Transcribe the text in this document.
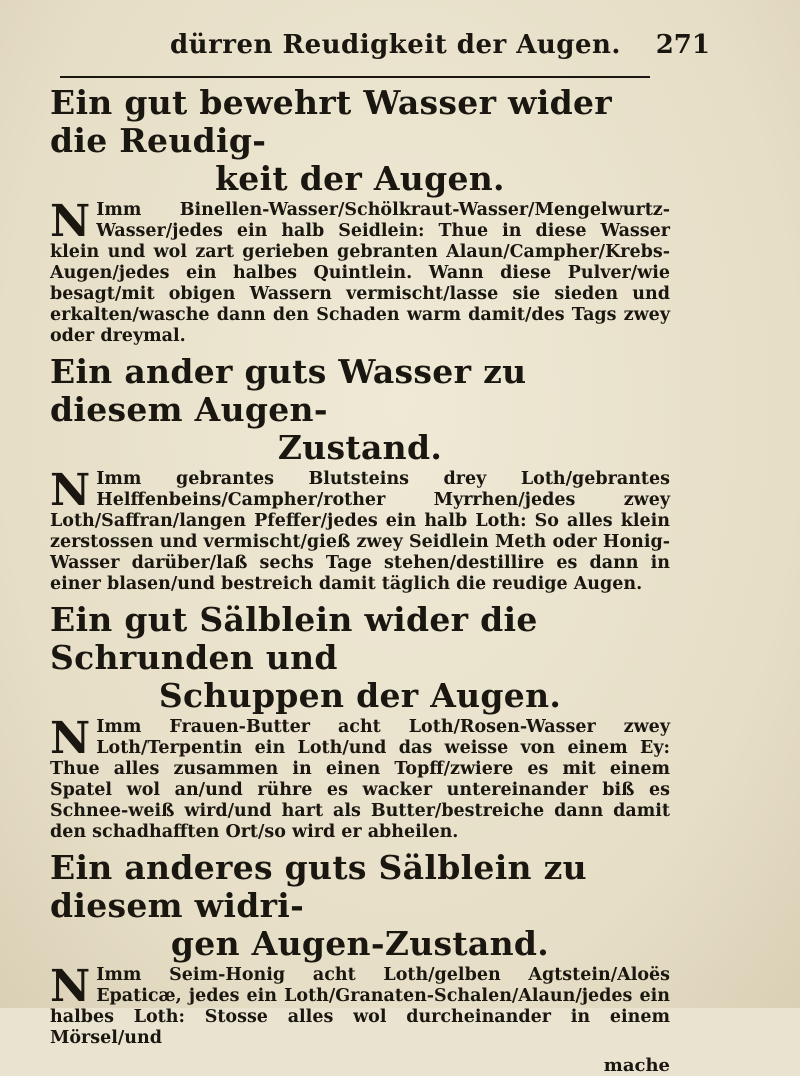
dürren Reudigkeit der Augen. 271
Ein gut bewehrt Wasser wider die Reudig-
keit der Augen.

N Imm Binellen-Wasser/Schölkraut-Wasser/Mengelwurtz-Wasser/jedes ein halb Seidlein: Thue in diese Wasser klein und wol zart gerieben gebranten Alaun/Campher/Krebs-Augen/jedes ein halbes Quintlein. Wann diese Pulver/wie besagt/mit obigen Wassern vermischt/lasse sie sieden und erkalten/wasche dann den Schaden warm damit/des Tags zwey oder dreymal.

Ein ander guts Wasser zu diesem Augen-
Zustand.

N Imm gebrantes Blutsteins drey Loth/gebrantes Helffenbeins/Campher/rother Myrrhen/jedes zwey Loth/Saffran/langen Pfeffer/jedes ein halb Loth: So alles klein zerstossen und vermischt/gieß zwey Seidlein Meth oder Honig-Wasser darüber/laß sechs Tage stehen/destillire es dann in einer blasen/und bestreich damit täglich die reudige Augen.

Ein gut Sälblein wider die Schrunden und
Schuppen der Augen.

N Imm Frauen-Butter acht Loth/Rosen-Wasser zwey Loth/Terpentin ein Loth/und das weisse von einem Ey: Thue alles zusammen in einen Topff/zwiere es mit einem Spatel wol an/und rühre es wacker untereinander biß es Schnee-weiß wird/und hart als Butter/bestreiche dann damit den schadhafften Ort/so wird er abheilen.

Ein anderes guts Sälblein zu diesem widri-
gen Augen-Zustand.

N Imm Seim-Honig acht Loth/gelben Agtstein/Aloës Epaticæ, jedes ein Loth/Granaten-Schalen/Alaun/jedes ein halbes Loth: Stosse alles wol durcheinander in einem Mörsel/und

mache
